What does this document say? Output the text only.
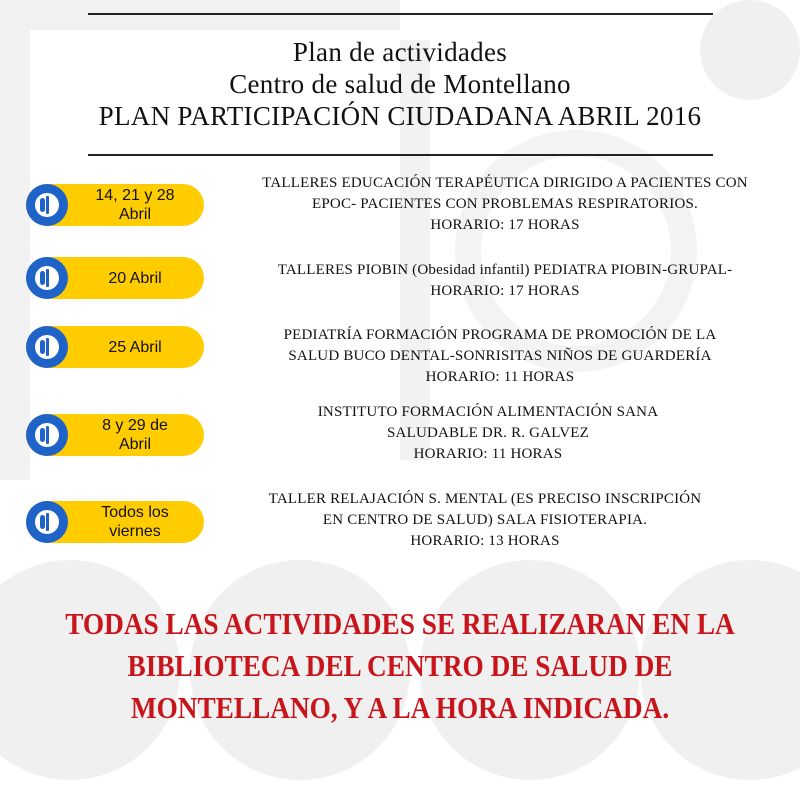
Plan de actividades
Centro de salud de Montellano
PLAN PARTICIPACIÓN CIUDADANA ABRIL 2016
14, 21 y 28
Abril
TALLERES EDUCACIÓN TERAPÉUTICA DIRIGIDO A PACIENTES CON
EPOC- PACIENTES CON PROBLEMAS RESPIRATORIOS.
HORARIO: 17 HORAS
20 Abril	TALLERES PIOBIN (Obesidad infantil) PEDIATRA PIOBIN-GRUPAL-
HORARIO: 17 HORAS
25 Abril
PEDIATRÍA FORMACIÓN PROGRAMA DE PROMOCIÓN DE LA
SALUD BUCO DENTAL-SONRISITAS NIÑOS DE GUARDERÍA
HORARIO: 11 HORAS
8 y 29 de
Abril
INSTITUTO FORMACIÓN ALIMENTACIÓN SANA
SALUDABLE DR. R. GALVEZ
HORARIO: 11 HORAS
Todos los
viernes
TALLER RELAJACIÓN S. MENTAL (ES PRECISO INSCRIPCIÓN
EN CENTRO DE SALUD) SALA FISIOTERAPIA.
HORARIO: 13 HORAS
TODAS LAS ACTIVIDADES SE REALIZARAN EN LA
BIBLIOTECA DEL CENTRO DE SALUD DE
MONTELLANO, Y A LA HORA INDICADA.
